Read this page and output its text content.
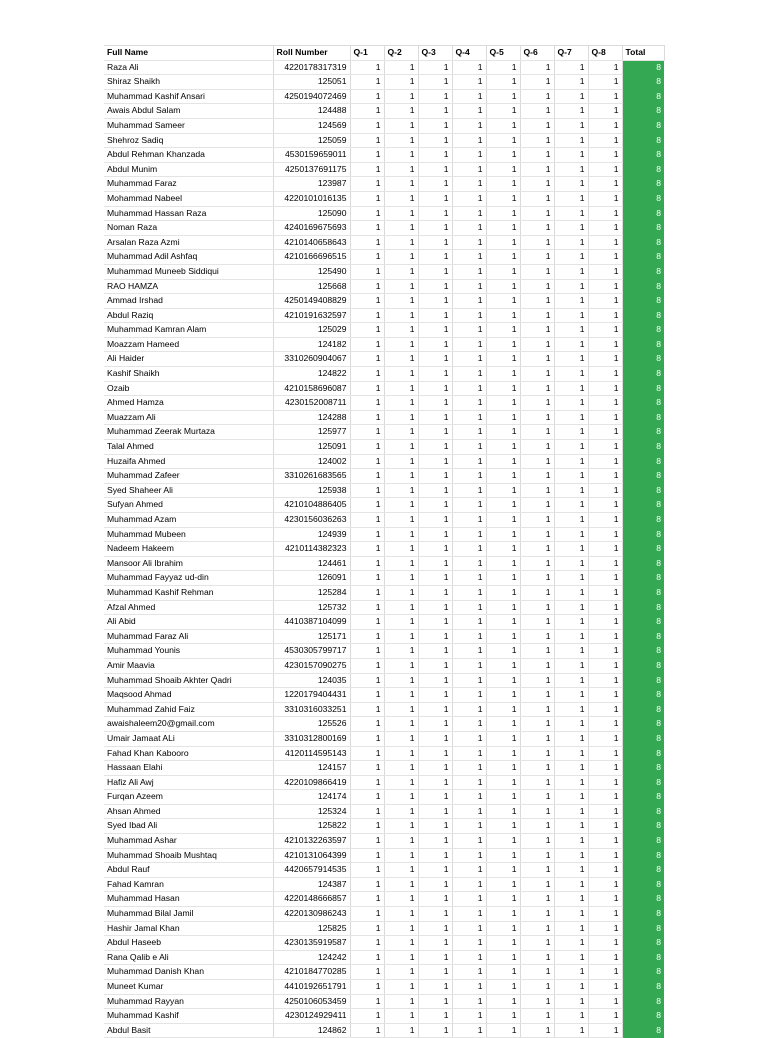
Full Name	Roll Number	Q-1	Q-2	Q-3	Q-4	Q-5	Q-6	Q-7	Q-8	Total
Raza Ali	4220178317319	1	1	1	1	1	1	1	1	8
Shiraz Shaikh	125051	1	1	1	1	1	1	1	1	8
Muhammad Kashif Ansari	4250194072469	1	1	1	1	1	1	1	1	8
Awais Abdul Salam	124488	1	1	1	1	1	1	1	1	8
Muhammad Sameer	124569	1	1	1	1	1	1	1	1	8
Shehroz Sadiq	125059	1	1	1	1	1	1	1	1	8
Abdul Rehman Khanzada	4530159659011	1	1	1	1	1	1	1	1	8
Abdul Munim	4250137691175	1	1	1	1	1	1	1	1	8
Muhammad Faraz	123987	1	1	1	1	1	1	1	1	8
Mohammad Nabeel	4220101016135	1	1	1	1	1	1	1	1	8
Muhammad Hassan Raza	125090	1	1	1	1	1	1	1	1	8
Noman Raza	4240169675693	1	1	1	1	1	1	1	1	8
Arsalan Raza Azmi	4210140658643	1	1	1	1	1	1	1	1	8
Muhammad Adil Ashfaq	4210166696515	1	1	1	1	1	1	1	1	8
Muhammad Muneeb Siddiqui	125490	1	1	1	1	1	1	1	1	8
RAO HAMZA	125668	1	1	1	1	1	1	1	1	8
Ammad Irshad	4250149408829	1	1	1	1	1	1	1	1	8
Abdul Raziq	4210191632597	1	1	1	1	1	1	1	1	8
Muhammad Kamran Alam	125029	1	1	1	1	1	1	1	1	8
Moazzam Hameed	124182	1	1	1	1	1	1	1	1	8
Ali Haider	3310260904067	1	1	1	1	1	1	1	1	8
Kashif Shaikh	124822	1	1	1	1	1	1	1	1	8
Ozaib	4210158696087	1	1	1	1	1	1	1	1	8
Ahmed Hamza	4230152008711	1	1	1	1	1	1	1	1	8
Muazzam Ali	124288	1	1	1	1	1	1	1	1	8
Muhammad Zeerak Murtaza	125977	1	1	1	1	1	1	1	1	8
Talal Ahmed	125091	1	1	1	1	1	1	1	1	8
Huzaifa Ahmed	124002	1	1	1	1	1	1	1	1	8
Muhammad Zafeer	3310261683565	1	1	1	1	1	1	1	1	8
Syed Shaheer Ali	125938	1	1	1	1	1	1	1	1	8
Sufyan Ahmed	4210104886405	1	1	1	1	1	1	1	1	8
Muhammad Azam	4230156036263	1	1	1	1	1	1	1	1	8
Muhammad Mubeen	124939	1	1	1	1	1	1	1	1	8
Nadeem Hakeem	4210114382323	1	1	1	1	1	1	1	1	8
Mansoor Ali Ibrahim	124461	1	1	1	1	1	1	1	1	8
Muhammad Fayyaz ud-din	126091	1	1	1	1	1	1	1	1	8
Muhammad Kashif Rehman	125284	1	1	1	1	1	1	1	1	8
Afzal Ahmed	125732	1	1	1	1	1	1	1	1	8
Ali Abid	4410387104099	1	1	1	1	1	1	1	1	8
Muhammad Faraz Ali	125171	1	1	1	1	1	1	1	1	8
Muhammad Younis	4530305799717	1	1	1	1	1	1	1	1	8
Amir Maavia	4230157090275	1	1	1	1	1	1	1	1	8
Muhammad Shoaib Akhter Qadri	124035	1	1	1	1	1	1	1	1	8
Maqsood Ahmad	1220179404431	1	1	1	1	1	1	1	1	8
Muhammad Zahid Faiz	3310316033251	1	1	1	1	1	1	1	1	8
awaishaleem20@gmail.com	125526	1	1	1	1	1	1	1	1	8
Umair Jamaat ALi	3310312800169	1	1	1	1	1	1	1	1	8
Fahad Khan Kabooro	4120114595143	1	1	1	1	1	1	1	1	8
Hassaan Elahi	124157	1	1	1	1	1	1	1	1	8
Hafiz Ali Awj	4220109866419	1	1	1	1	1	1	1	1	8
Furqan Azeem	124174	1	1	1	1	1	1	1	1	8
Ahsan Ahmed	125324	1	1	1	1	1	1	1	1	8
Syed Ibad Ali	125822	1	1	1	1	1	1	1	1	8
Muhammad Ashar	4210132263597	1	1	1	1	1	1	1	1	8
Muhammad Shoaib Mushtaq	4210131064399	1	1	1	1	1	1	1	1	8
Abdul Rauf	4420657914535	1	1	1	1	1	1	1	1	8
Fahad Kamran	124387	1	1	1	1	1	1	1	1	8
Muhammad Hasan	4220148666857	1	1	1	1	1	1	1	1	8
Muhammad Bilal Jamil	4220130986243	1	1	1	1	1	1	1	1	8
Hashir Jamal Khan	125825	1	1	1	1	1	1	1	1	8
Abdul Haseeb	4230135919587	1	1	1	1	1	1	1	1	8
Rana Qalib e Ali	124242	1	1	1	1	1	1	1	1	8
Muhammad Danish Khan	4210184770285	1	1	1	1	1	1	1	1	8
Muneet Kumar	4410192651791	1	1	1	1	1	1	1	1	8
Muhammad Rayyan	4250106053459	1	1	1	1	1	1	1	1	8
Muhammad Kashif	4230124929411	1	1	1	1	1	1	1	1	8
Abdul Basit	124862	1	1	1	1	1	1	1	1	8
